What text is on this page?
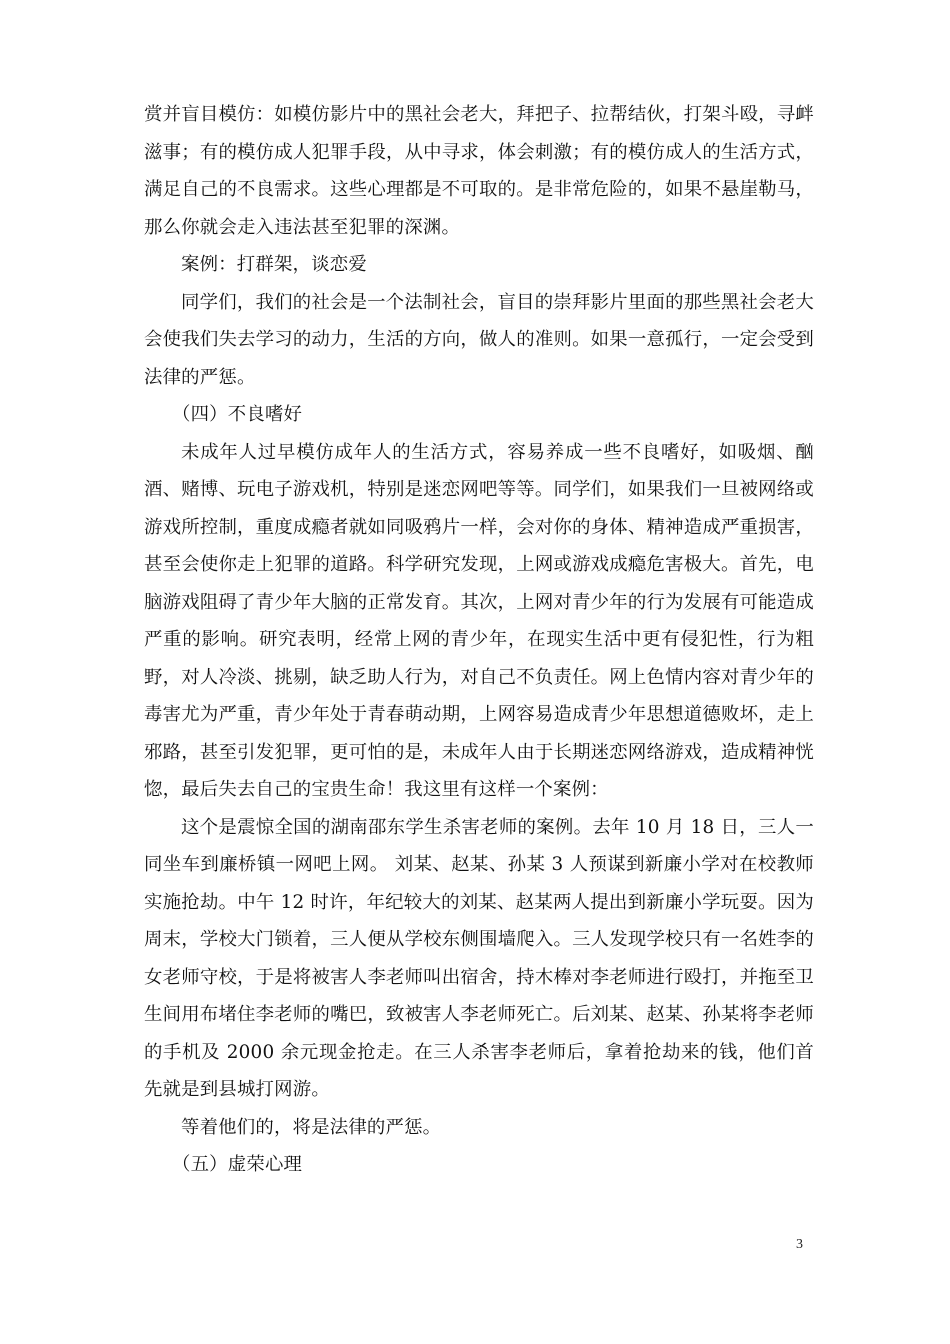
赏并盲目模仿：如模仿影片中的黑社会老大，拜把子、拉帮结伙，打架斗殴，寻衅滋事；有的模仿成人犯罪手段，从中寻求，体会刺激；有的模仿成人的生活方式，满足自己的不良需求。这些心理都是不可取的。是非常危险的，如果不悬崖勒马，那么你就会走入违法甚至犯罪的深渊。

案例：打群架，谈恋爱

同学们，我们的社会是一个法制社会，盲目的崇拜影片里面的那些黑社会老大会使我们失去学习的动力，生活的方向，做人的准则。如果一意孤行，一定会受到法律的严惩。

（四）不良嗜好

未成年人过早模仿成年人的生活方式，容易养成一些不良嗜好，如吸烟、酗酒、赌博、玩电子游戏机，特别是迷恋网吧等等。同学们，如果我们一旦被网络或游戏所控制，重度成瘾者就如同吸鸦片一样，会对你的身体、精神造成严重损害，甚至会使你走上犯罪的道路。科学研究发现，上网或游戏成瘾危害极大。首先，电脑游戏阻碍了青少年大脑的正常发育。其次，上网对青少年的行为发展有可能造成严重的影响。研究表明，经常上网的青少年，在现实生活中更有侵犯性，行为粗野，对人冷淡、挑剔，缺乏助人行为，对自己不负责任。网上色情内容对青少年的毒害尤为严重，青少年处于青春萌动期，上网容易造成青少年思想道德败坏，走上邪路，甚至引发犯罪，更可怕的是，未成年人由于长期迷恋网络游戏，造成精神恍惚，最后失去自己的宝贵生命！我这里有这样一个案例：

这个是震惊全国的湖南邵东学生杀害老师的案例。去年 10 月 18 日，三人一同坐车到廉桥镇一网吧上网。 刘某、赵某、孙某 3 人预谋到新廉小学对在校教师实施抢劫。中午 12 时许，年纪较大的刘某、赵某两人提出到新廉小学玩耍。因为周末，学校大门锁着，三人便从学校东侧围墙爬入。三人发现学校只有一名姓李的女老师守校，于是将被害人李老师叫出宿舍，持木棒对李老师进行殴打，并拖至卫生间用布堵住李老师的嘴巴，致被害人李老师死亡。后刘某、赵某、孙某将李老师的手机及 2000 余元现金抢走。在三人杀害李老师后，拿着抢劫来的钱，他们首先就是到县城打网游。

等着他们的，将是法律的严惩。

（五）虚荣心理

3
